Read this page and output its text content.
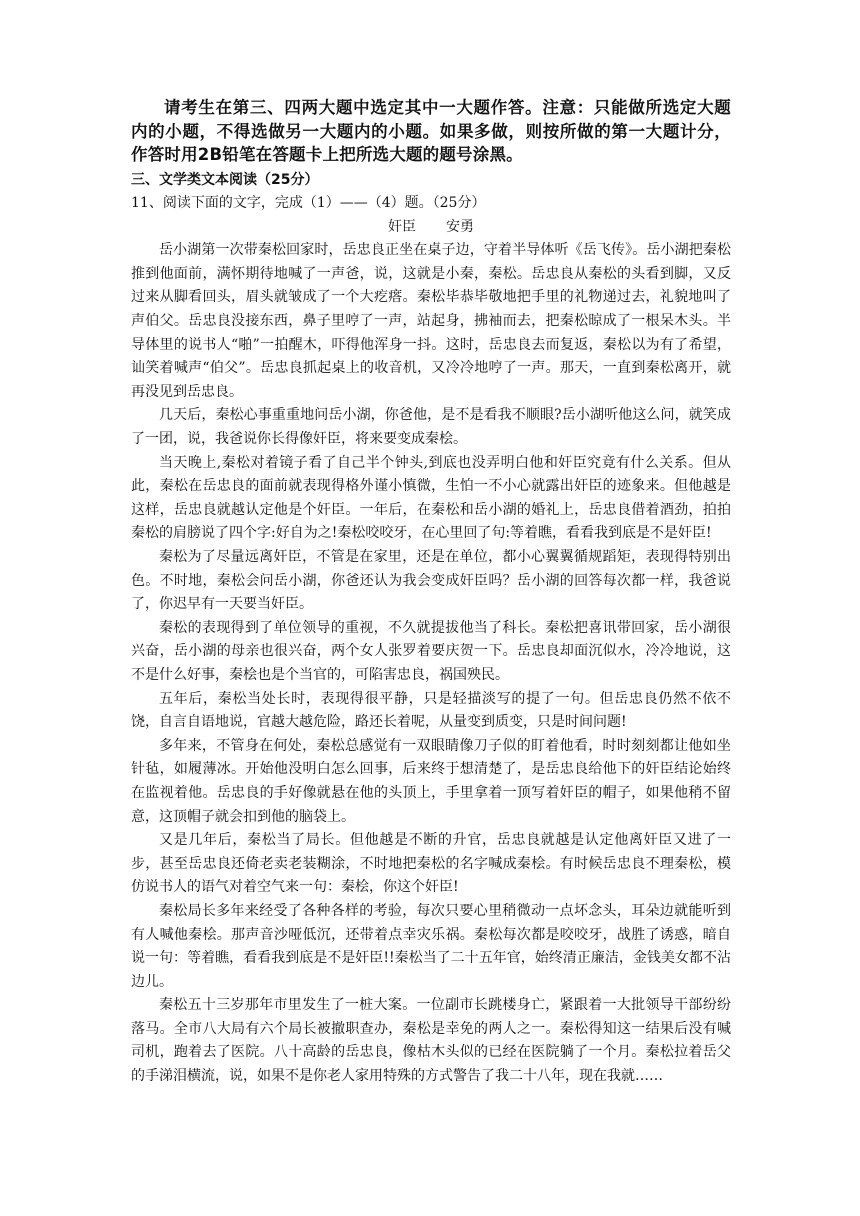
请考生在第三、四两大题中选定其中一大题作答。注意：只能做所选定大题内的小题，不得选做另一大题内的小题。如果多做，则按所做的第一大题计分，作答时用2B铅笔在答题卡上把所选大题的题号涂黑。

三、文学类文本阅读（25分）

11、阅读下面的文字，完成（1）——（4）题。（25分）

奸臣 安勇

岳小湖第一次带秦松回家时，岳忠良正坐在桌子边，守着半导体听《岳飞传》。岳小湖把秦松推到他面前，满怀期待地喊了一声爸，说，这就是小秦，秦松。岳忠良从秦松的头看到脚，又反过来从脚看回头，眉头就皱成了一个大疙瘩。秦松毕恭毕敬地把手里的礼物递过去，礼貌地叫了声伯父。岳忠良没接东西，鼻子里哼了一声，站起身，拂袖而去，把秦松晾成了一根呆木头。半导体里的说书人“啪”一拍醒木，吓得他浑身一抖。这时，岳忠良去而复返，秦松以为有了希望，讪笑着喊声“伯父”。岳忠良抓起桌上的收音机，又冷冷地哼了一声。那天，一直到秦松离开，就再没见到岳忠良。

几天后，秦松心事重重地问岳小湖，你爸他，是不是看我不顺眼?岳小湖听他这么问，就笑成了一团，说，我爸说你长得像奸臣，将来要变成秦桧。

当天晚上,秦松对着镜子看了自己半个钟头,到底也没弄明白他和奸臣究竟有什么关系。但从此，秦松在岳忠良的面前就表现得格外谨小慎微，生怕一不小心就露出奸臣的迹象来。但他越是这样，岳忠良就越认定他是个奸臣。一年后，在秦松和岳小湖的婚礼上，岳忠良借着酒劲，拍拍秦松的肩膀说了四个字:好自为之!秦松咬咬牙，在心里回了句:等着瞧，看看我到底是不是奸臣!

秦松为了尽量远离奸臣，不管是在家里，还是在单位，都小心翼翼循规蹈矩，表现得特别出色。不时地，秦松会问岳小湖，你爸还认为我会变成奸臣吗？岳小湖的回答每次都一样，我爸说了，你迟早有一天要当奸臣。

秦松的表现得到了单位领导的重视，不久就提拔他当了科长。秦松把喜讯带回家，岳小湖很兴奋，岳小湖的母亲也很兴奋，两个女人张罗着要庆贺一下。岳忠良却面沉似水，冷冷地说，这不是什么好事，秦桧也是个当官的，可陷害忠良，祸国殃民。

五年后，秦松当处长时，表现得很平静，只是轻描淡写的提了一句。但岳忠良仍然不依不饶，自言自语地说，官越大越危险，路还长着呢，从量变到质变，只是时间问题!

多年来，不管身在何处，秦松总感觉有一双眼睛像刀子似的盯着他看，时时刻刻都让他如坐针毡，如履薄冰。开始他没明白怎么回事，后来终于想清楚了，是岳忠良给他下的奸臣结论始终在监视着他。岳忠良的手好像就悬在他的头顶上，手里拿着一顶写着奸臣的帽子，如果他稍不留意，这顶帽子就会扣到他的脑袋上。

又是几年后，秦松当了局长。但他越是不断的升官，岳忠良就越是认定他离奸臣又进了一步，甚至岳忠良还倚老卖老装糊涂，不时地把秦松的名字喊成秦桧。有时候岳忠良不理秦松，模仿说书人的语气对着空气来一句：秦桧，你这个奸臣!

秦松局长多年来经受了各种各样的考验，每次只要心里稍微动一点坏念头，耳朵边就能听到有人喊他秦桧。那声音沙哑低沉，还带着点幸灾乐祸。秦松每次都是咬咬牙，战胜了诱惑，暗自说一句：等着瞧，看看我到底是不是奸臣!!秦松当了二十五年官，始终清正廉洁，金钱美女都不沾边儿。

秦松五十三岁那年市里发生了一桩大案。一位副市长跳楼身亡，紧跟着一大批领导干部纷纷落马。全市八大局有六个局长被撤职查办，秦松是幸免的两人之一。秦松得知这一结果后没有喊司机，跑着去了医院。八十高龄的岳忠良，像枯木头似的已经在医院躺了一个月。秦松拉着岳父的手涕泪横流，说，如果不是你老人家用特殊的方式警告了我二十八年，现在我就……
